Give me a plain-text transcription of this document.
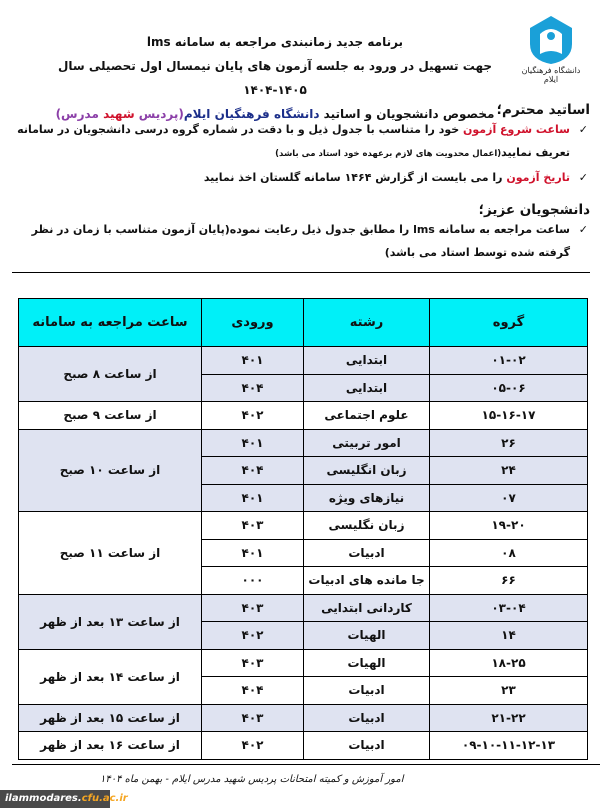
دانشگاه فرهنگیان ایلام
برنامه جدید زمانبندی مراجعه به سامانه lms
جهت تسهیل در ورود به جلسه آزمون های پایان نیمسال اول تحصیلی سال ۱۴۰۵-۱۴۰۴
مخصوص دانشجویان و اساتید دانشگاه فرهنگیان ایلام(پردیس شهید مدرس)	اساتید محترم؛
✓
ساعت شروع آزمون خود را متناسب با جدول ذیل و با دقت در شماره گروه درسی دانشجویان در سامانه تعریف نمایید(اعمال محدویت های لازم برعهده خود استاد می باشد)
✓
تاریخ آزمون را می بایست از گزارش ۱۴۶۴ سامانه گلستان اخذ نمایید
دانشجویان عزیز؛
✓
ساعت مراجعه به سامانه lms را مطابق جدول ذیل رعایت نموده(پایان آزمون متناسب با زمان در نظر گرفته شده توسط استاد می باشد)
گروه	رشته	ورودی	ساعت مراجعه به سامانه
۰۱-۰۲	ابتدایی	۴۰۱	از ساعت ۸ صبح
۰۵-۰۶	ابتدایی	۴۰۴	
۱۵-۱۶-۱۷	علوم اجتماعی	۴۰۲	از ساعت ۹ صبح
۲۶	امور تربیتی	۴۰۱	از ساعت ۱۰ صبح
۲۴	زبان انگلیسی	۴۰۴	
۰۷	نیازهای ویژه	۴۰۱	
۱۹-۲۰	زبان نگلیسی	۴۰۳	از ساعت ۱۱ صبح
۰۸	ادبیات	۴۰۱	
۶۶	جا مانده های ادبیات	۰۰۰	
۰۳-۰۴	کاردانی ابتدایی	۴۰۳	از ساعت ۱۳ بعد از ظهر
۱۴	الهیات	۴۰۲	
۱۸-۲۵	الهیات	۴۰۳	از ساعت ۱۴ بعد از ظهر
۲۳	ادبیات	۴۰۴	
۲۱-۲۲	ادبیات	۴۰۳	از ساعت ۱۵ بعد از ظهر
۰۹-۱۰-۱۱-۱۲-۱۳	ادبیات	۴۰۲	از ساعت ۱۶ بعد از ظهر
امور آموزش و کمیته امتحانات پردیس شهید مدرس ایلام - بهمن ماه ۱۴۰۴
ilammodares.cfu.ac.ir
